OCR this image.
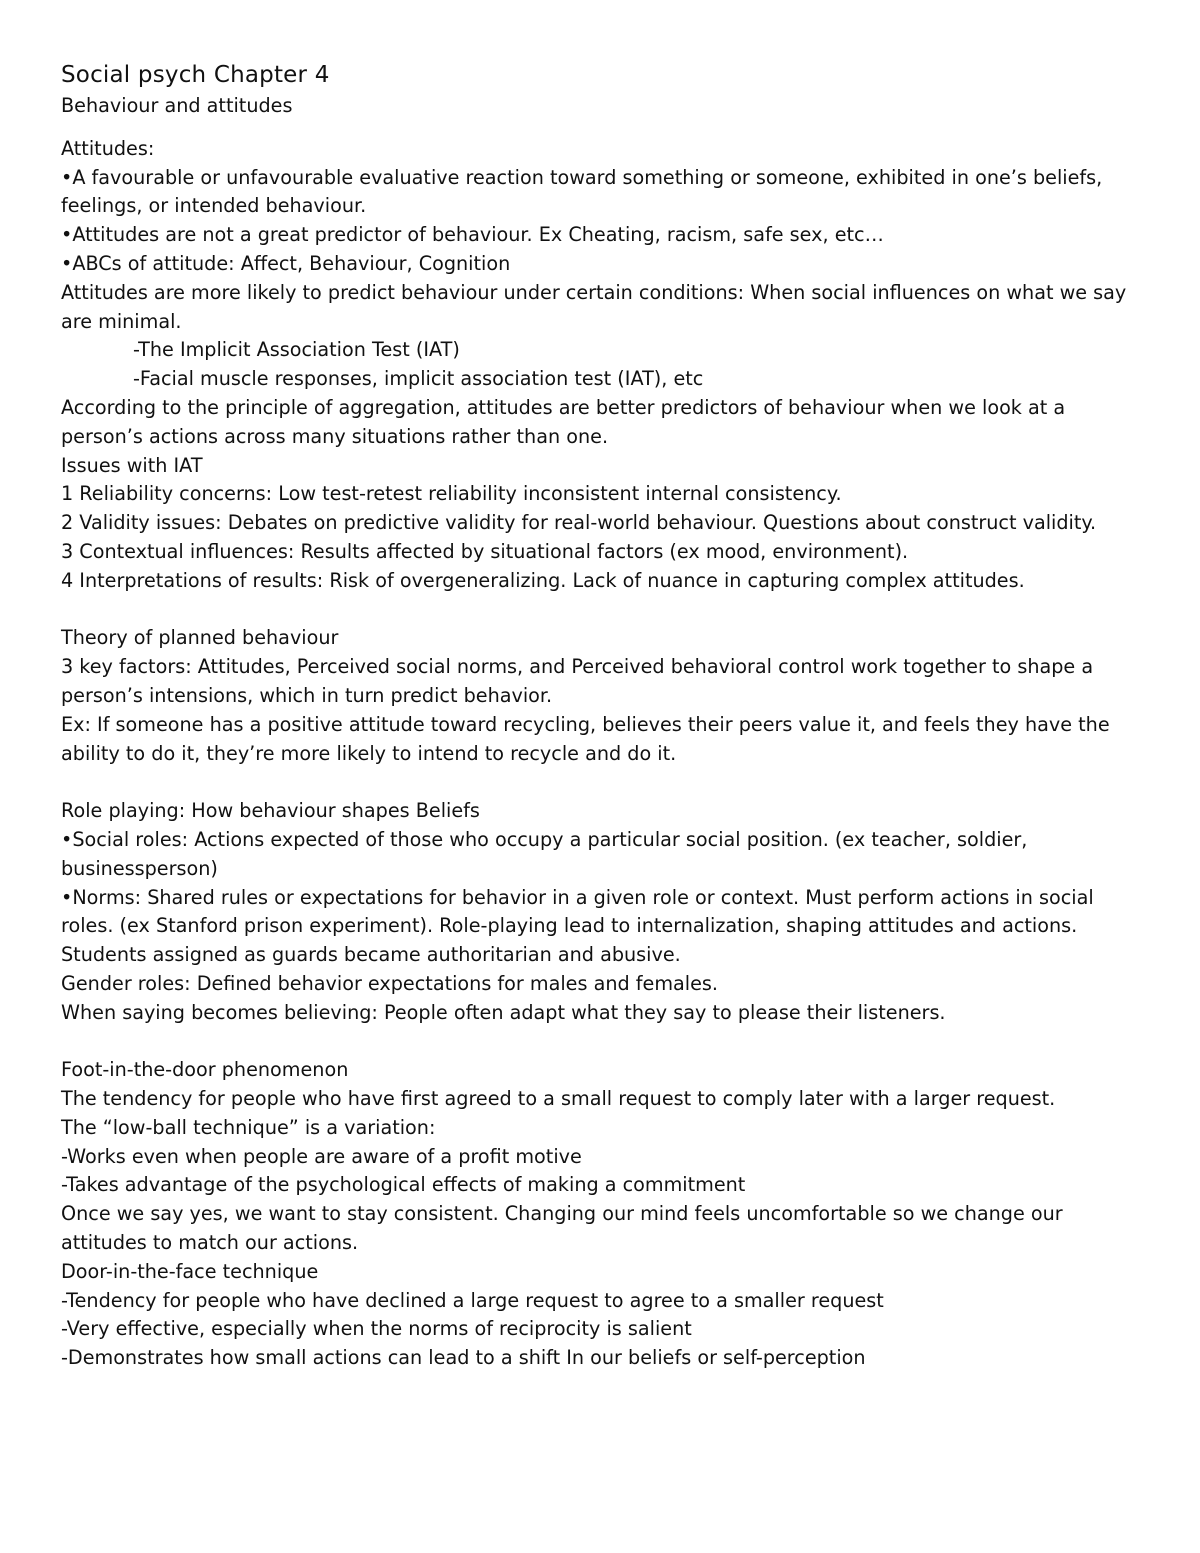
Social psych Chapter 4

Behaviour and attitudes

Attitudes:

•A favourable or unfavourable evaluative reaction toward something or someone, exhibited in one’s beliefs, feelings, or intended behaviour.

•Attitudes are not a great predictor of behaviour. Ex Cheating, racism, safe sex, etc…

•ABCs of attitude: Affect, Behaviour, Cognition

Attitudes are more likely to predict behaviour under certain conditions: When social influences on what we say are minimal.

-The Implicit Association Test (IAT)

-Facial muscle responses, implicit association test (IAT), etc

According to the principle of aggregation, attitudes are better predictors of behaviour when we look at a person’s actions across many situations rather than one.

Issues with IAT

1 Reliability concerns: Low test-retest reliability inconsistent internal consistency.

2 Validity issues: Debates on predictive validity for real-world behaviour. Questions about construct validity.

3 Contextual influences: Results affected by situational factors (ex mood, environment).

4 Interpretations of results: Risk of overgeneralizing. Lack of nuance in capturing complex attitudes.

Theory of planned behaviour

3 key factors: Attitudes, Perceived social norms, and Perceived behavioral control work together to shape a person’s intensions, which in turn predict behavior.

Ex: If someone has a positive attitude toward recycling, believes their peers value it, and feels they have the ability to do it, they’re more likely to intend to recycle and do it.

Role playing: How behaviour shapes Beliefs

•Social roles: Actions expected of those who occupy a particular social position. (ex teacher, soldier, businessperson)

•Norms: Shared rules or expectations for behavior in a given role or context. Must perform actions in social roles. (ex Stanford prison experiment). Role-playing lead to internalization, shaping attitudes and actions. Students assigned as guards became authoritarian and abusive.

Gender roles: Defined behavior expectations for males and females.

When saying becomes believing: People often adapt what they say to please their listeners.

Foot-in-the-door phenomenon

The tendency for people who have first agreed to a small request to comply later with a larger request.

The “low-ball technique” is a variation:

-Works even when people are aware of a profit motive

-Takes advantage of the psychological effects of making a commitment

Once we say yes, we want to stay consistent. Changing our mind feels uncomfortable so we change our attitudes to match our actions.

Door-in-the-face technique

-Tendency for people who have declined a large request to agree to a smaller request

-Very effective, especially when the norms of reciprocity is salient

-Demonstrates how small actions can lead to a shift In our beliefs or self-perception
